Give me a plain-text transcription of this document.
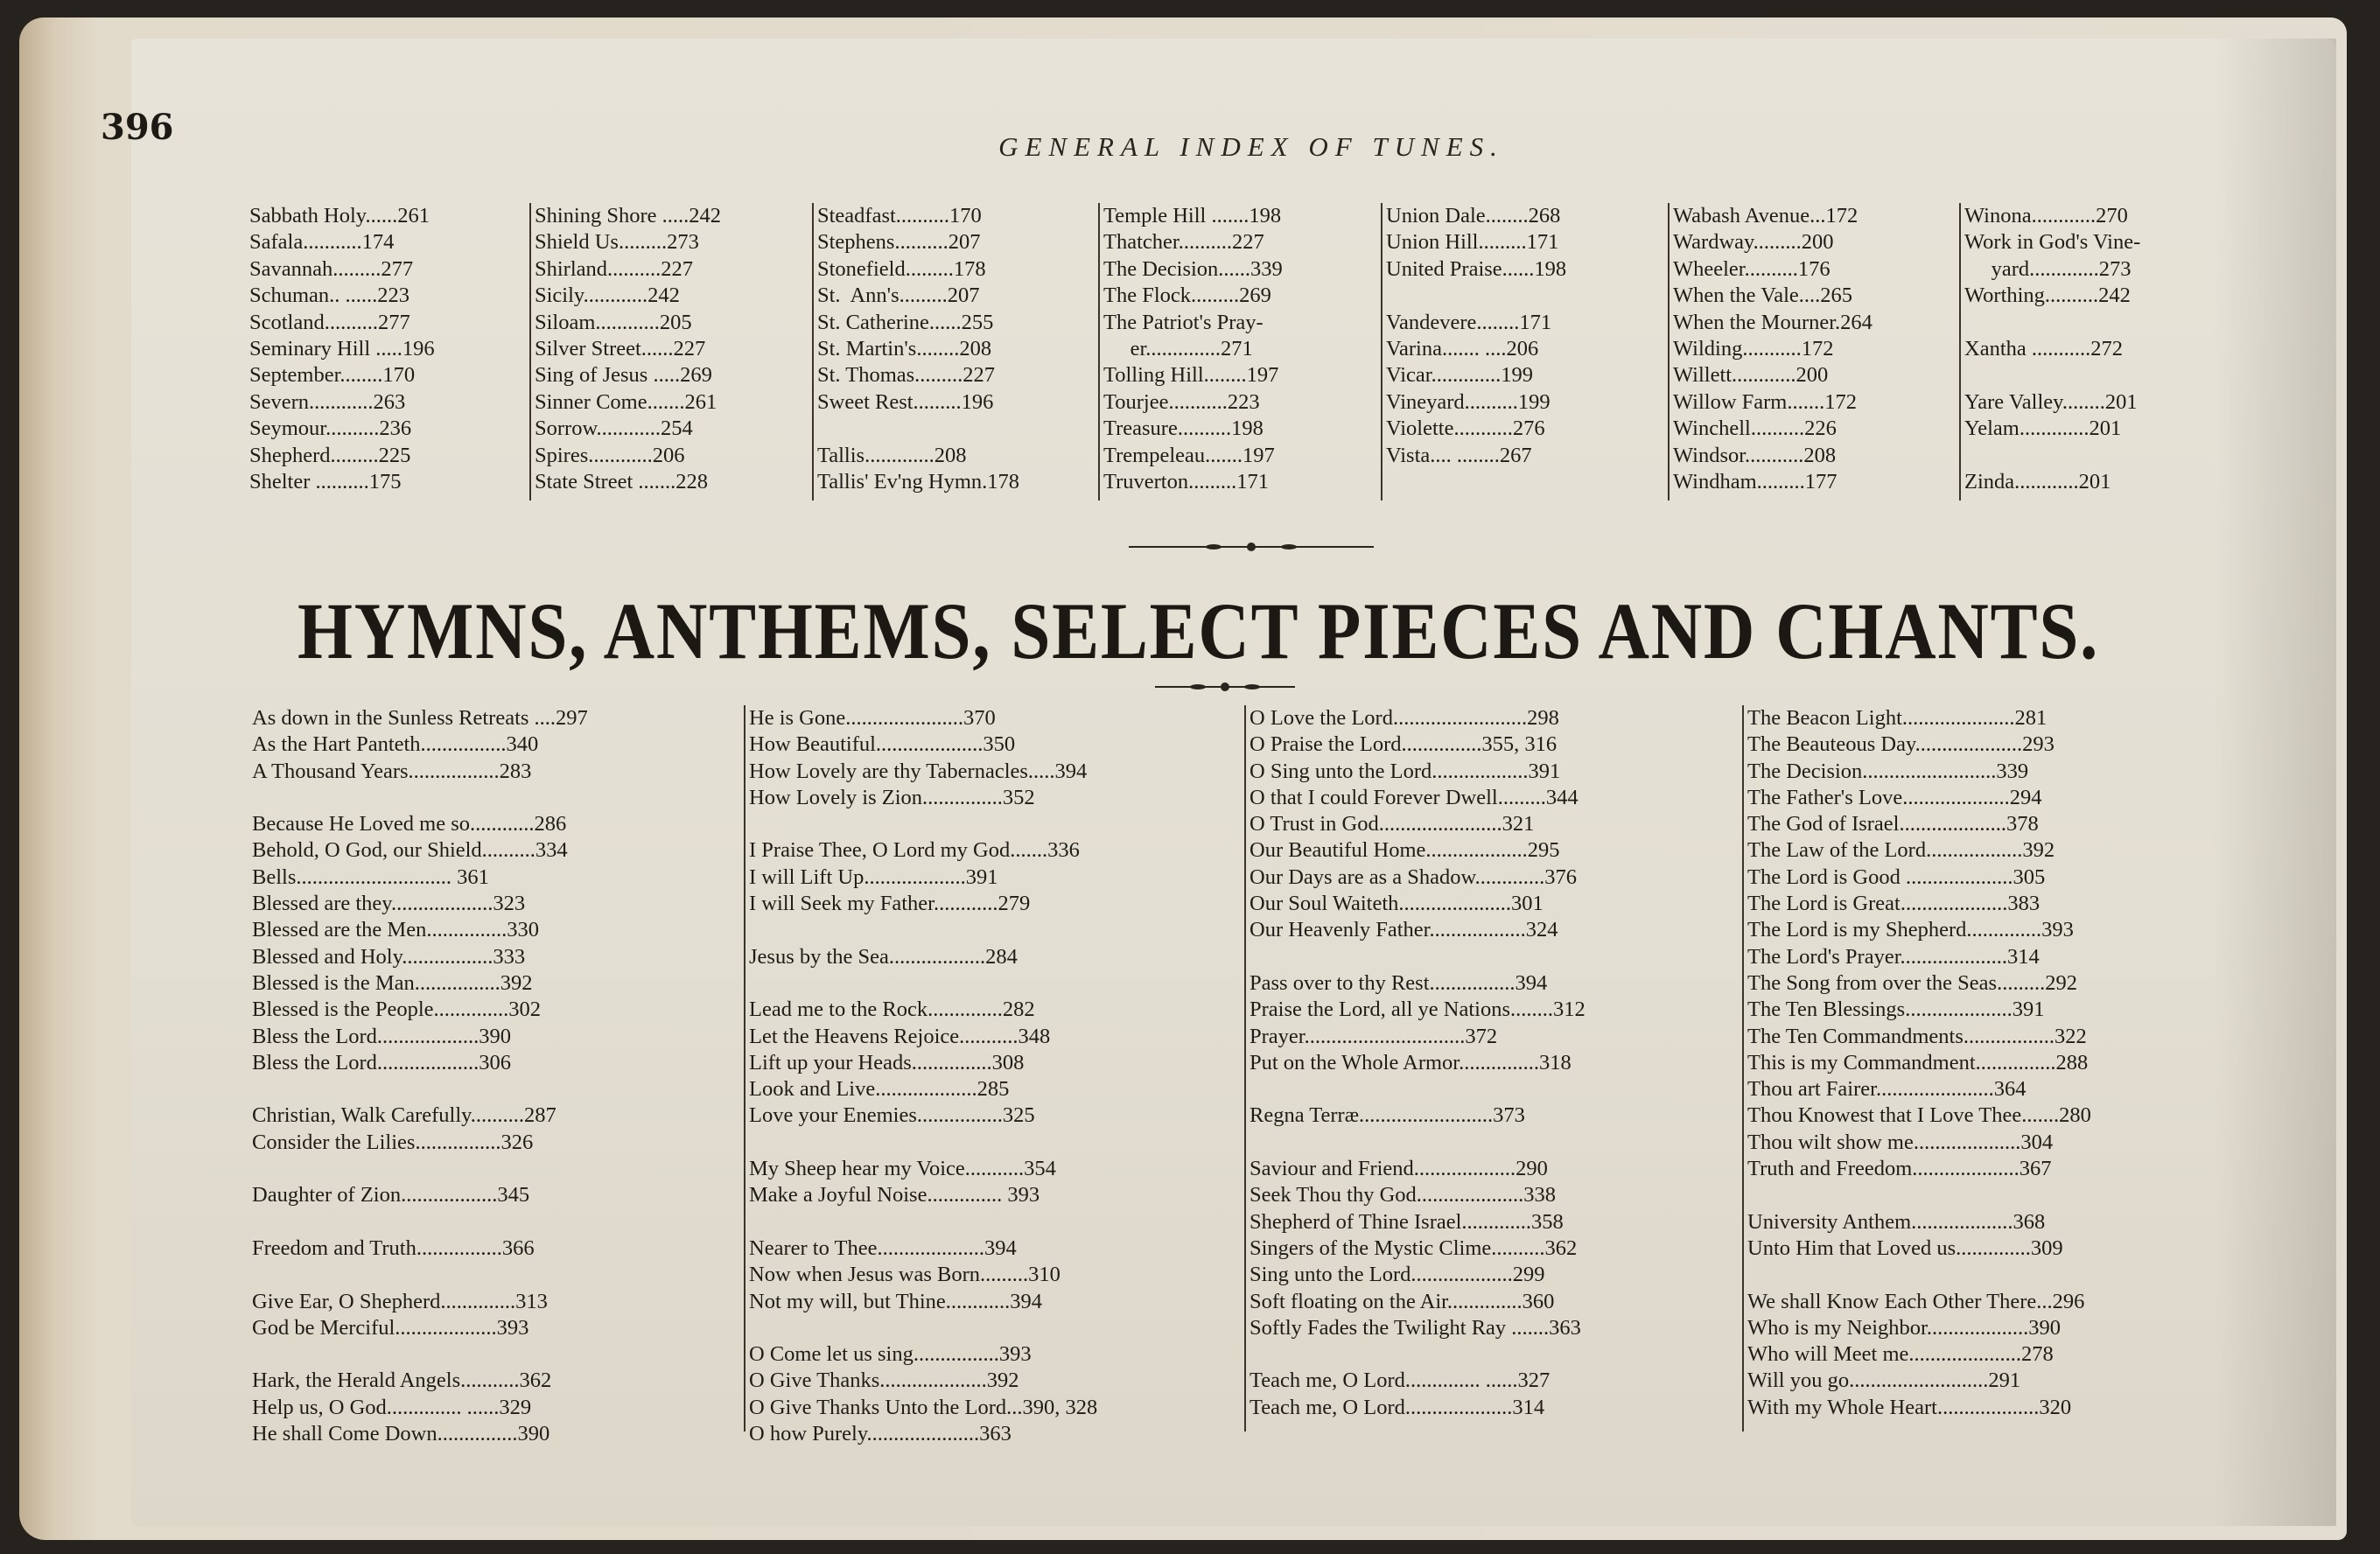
396	GENERAL INDEX OF TUNES.
Sabbath Holy......261
Safala...........174
Savannah.........277
Schuman.. ......223
Scotland..........277
Seminary Hill .....196
September........170
Severn............263
Seymour..........236
Shepherd.........225
Shelter ..........175
Shining Shore .....242
Shield Us.........273
Shirland..........227
Sicily............242
Siloam............205
Silver Street......227
Sing of Jesus .....269
Sinner Come.......261
Sorrow............254
Spires............206
State Street .......228
Steadfast..........170
Stephens..........207
Stonefield.........178
St.  Ann's.........207
St. Catherine......255
St. Martin's........208
St. Thomas.........227
Sweet Rest.........196
Tallis.............208
Tallis' Ev'ng Hymn.178
Temple Hill .......198
Thatcher..........227
The Decision......339
The Flock.........269
The Patriot's Pray-
er..............271
Tolling Hill........197
Tourjee...........223
Treasure..........198
Trempeleau.......197
Truverton.........171
Union Dale........268
Union Hill.........171
United Praise......198
Vandevere........171
Varina....... ....206
Vicar.............199
Vineyard..........199
Violette...........276
Vista.... ........267
Wabash Avenue...172
Wardway.........200
Wheeler..........176
When the Vale....265
When the Mourner.264
Wilding...........172
Willett............200
Willow Farm.......172
Winchell..........226
Windsor...........208
Windham.........177
Winona............270
Work in God's Vine-
yard.............273
Worthing..........242
Xantha ...........272
Yare Valley........201
Yelam.............201
Zinda............201
HYMNS, ANTHEMS, SELECT PIECES AND CHANTS.
As down in the Sunless Retreats ....297
As the Hart Panteth................340
A Thousand Years.................283
Because He Loved me so............286
Behold, O God, our Shield..........334
Bells............................. 361
Blessed are they...................323
Blessed are the Men...............330
Blessed and Holy.................333
Blessed is the Man................392
Blessed is the People..............302
Bless the Lord...................390
Bless the Lord...................306
Christian, Walk Carefully..........287
Consider the Lilies................326
Daughter of Zion..................345
Freedom and Truth................366
Give Ear, O Shepherd..............313
God be Merciful...................393
Hark, the Herald Angels...........362
Help us, O God.............. ......329
He shall Come Down...............390
He is Gone......................370
How Beautiful....................350
How Lovely are thy Tabernacles.....394
How Lovely is Zion...............352
I Praise Thee, O Lord my God.......336
I will Lift Up...................391
I will Seek my Father............279
Jesus by the Sea..................284
Lead me to the Rock..............282
Let the Heavens Rejoice...........348
Lift up your Heads...............308
Look and Live...................285
Love your Enemies................325
My Sheep hear my Voice...........354
Make a Joyful Noise.............. 393
Nearer to Thee....................394
Now when Jesus was Born.........310
Not my will, but Thine............394
O Come let us sing................393
O Give Thanks....................392
O Give Thanks Unto the Lord...390, 328
O how Purely.....................363
O Love the Lord.........................298
O Praise the Lord...............355, 316
O Sing unto the Lord..................391
O that I could Forever Dwell.........344
O Trust in God.......................321
Our Beautiful Home...................295
Our Days are as a Shadow.............376
Our Soul Waiteth.....................301
Our Heavenly Father..................324
Pass over to thy Rest................394
Praise the Lord, all ye Nations........312
Prayer..............................372
Put on the Whole Armor...............318
Regna Terræ.........................373
Saviour and Friend...................290
Seek Thou thy God....................338
Shepherd of Thine Israel.............358
Singers of the Mystic Clime..........362
Sing unto the Lord...................299
Soft floating on the Air..............360
Softly Fades the Twilight Ray .......363
Teach me, O Lord.............. ......327
Teach me, O Lord....................314
The Beacon Light.....................281
The Beauteous Day....................293
The Decision.........................339
The Father's Love....................294
The God of Israel....................378
The Law of the Lord..................392
The Lord is Good ....................305
The Lord is Great....................383
The Lord is my Shepherd..............393
The Lord's Prayer....................314
The Song from over the Seas.........292
The Ten Blessings....................391
The Ten Commandments.................322
This is my Commandment...............288
Thou art Fairer......................364
Thou Knowest that I Love Thee.......280
Thou wilt show me....................304
Truth and Freedom....................367
University Anthem...................368
Unto Him that Loved us..............309
We shall Know Each Other There...296
Who is my Neighbor...................390
Who will Meet me.....................278
Will you go..........................291
With my Whole Heart...................320
